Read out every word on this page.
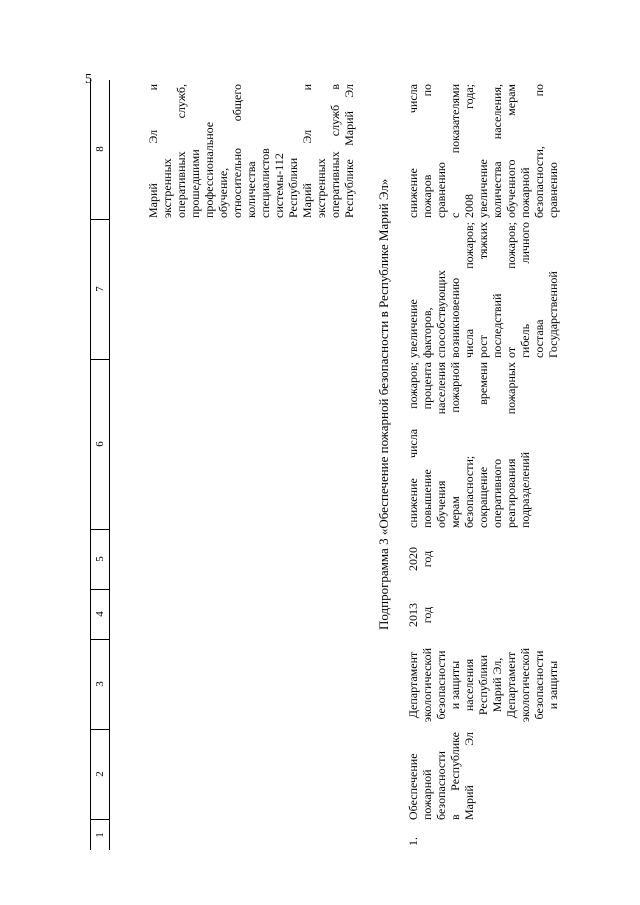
5
1
2
3
4
5
6
7
8	Марий Эл и экстренных оперативных служб, прошедшими профессиональное обучение, относительно общего количества специалистов системы-112 Республики Марий Эл и экстренных оперативных служб в Республике Марий Эл

Подпрограмма 3 «Обеспечение пожарной безопасности в Республике Марий Эл»
1.

Обеспечение пожарной безопасности в Республике Марий Эл

Департамент экологической безопасности и защиты населения Республики Марий Эл, Департамент экологической безопасности и защиты

2013 год

2020 год

снижение числа пожаров; повышение процента обучения населения мерам пожарной безопасности; сокращение времени оперативного реагирования пожарных подразделений

увеличение факторов, способствующих возникновению числа пожаров; рост тяжких последствий от пожаров; гибель личного состава Государственной

снижение числа пожаров по сравнению с показателями 2008 года; увеличение количества населения, обученного мерам пожарной безопасности, по сравнению
